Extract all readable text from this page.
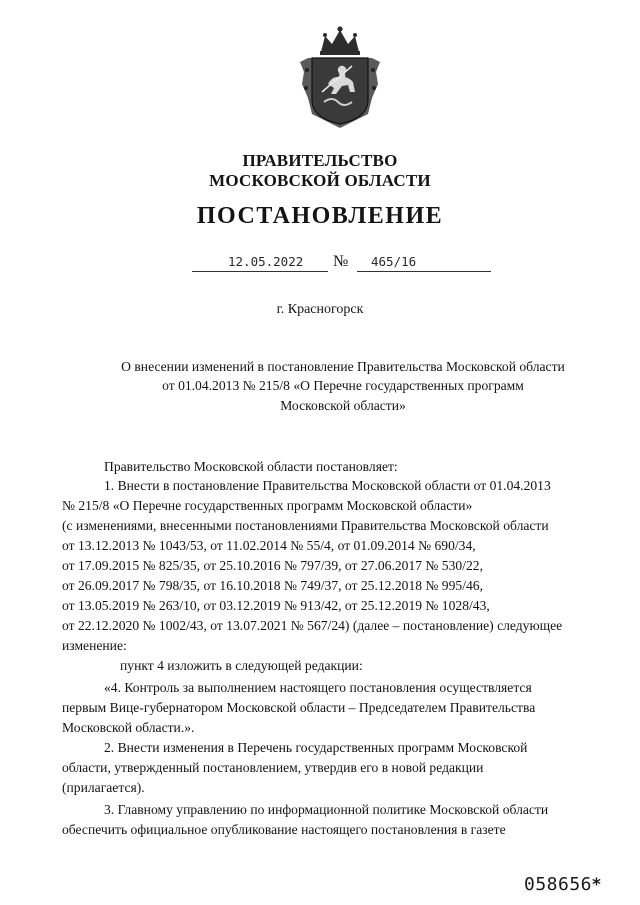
ПРАВИТЕЛЬСТВО
МОСКОВСКОЙ ОБЛАСТИ
ПОСТАНОВЛЕНИЕ
12.05.2022 № 465/16
г. Красногорск
О внесении изменений в постановление Правительства Московской области
от 01.04.2013 № 215/8 «О Перечне государственных программ
Московской области»
Правительство Московской области постановляет:
1. Внести в постановление Правительства Московской области от 01.04.2013
№ 215/8 «О Перечне государственных программ Московской области»
(с изменениями, внесенными постановлениями Правительства Московской области
от 13.12.2013 № 1043/53, от 11.02.2014 № 55/4, от 01.09.2014 № 690/34,
от 17.09.2015 № 825/35, от 25.10.2016 № 797/39, от 27.06.2017 № 530/22,
от 26.09.2017 № 798/35, от 16.10.2018 № 749/37, от 25.12.2018 № 995/46,
от 13.05.2019 № 263/10, от 03.12.2019 № 913/42, от 25.12.2019 № 1028/43,
от 22.12.2020 № 1002/43, от 13.07.2021 № 567/24) (далее – постановление) следующее
изменение:
пункт 4 изложить в следующей редакции:
«4. Контроль за выполнением настоящего постановления осуществляется
первым Вице-губернатором Московской области – Председателем Правительства
Московской области.».
2. Внести изменения в Перечень государственных программ Московской
области, утвержденный постановлением, утвердив его в новой редакции
(прилагается).
3. Главному управлению по информационной политике Московской области
обеспечить официальное опубликование настоящего постановления в газете
058656*
